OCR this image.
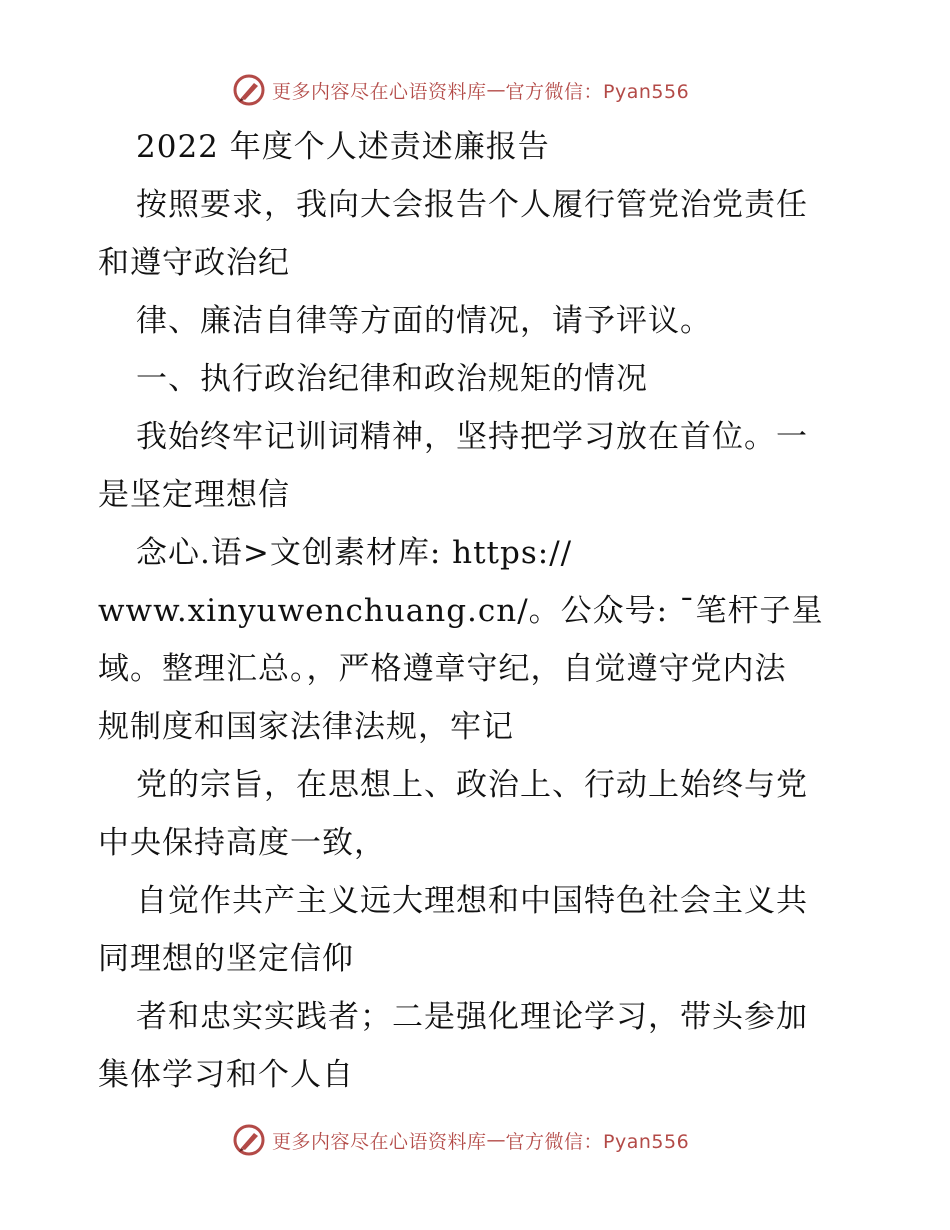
更多内容尽在心语资料库 — 官方微信：Pyan556
2022 年度个人述责述廉报告
按照要求，我向大会报告个人履行管党治党责任
和遵守政治纪
律、廉洁自律等方面的情况，请予评议。
一、执行政治纪律和政治规矩的情况
我始终牢记训词精神，坚持把学习放在首位。一
是坚定理想信
念心.语>文创素材库: https://
www.xinyuwenchuang.cn/。公众号: ¯笔杆子星
域。整理汇总。，严格遵章守纪，自觉遵守党内法
规制度和国家法律法规，牢记
党的宗旨，在思想上、政治上、行动上始终与党
中央保持高度一致，
自觉作共产主义远大理想和中国特色社会主义共
同理想的坚定信仰
者和忠实实践者；二是强化理论学习，带头参加
集体学习和个人自
更多内容尽在心语资料库 — 官方微信：Pyan556
